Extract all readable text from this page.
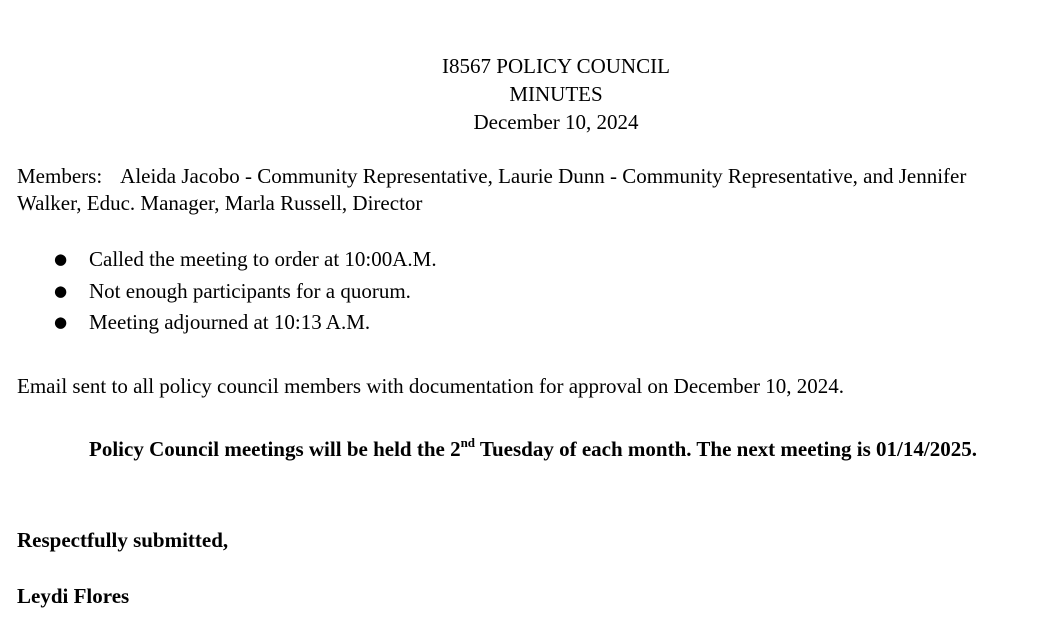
I8567 POLICY COUNCIL
MINUTES
December 10, 2024
Members: Aleida Jacobo - Community Representative, Laurie Dunn - Community Representative, and Jennifer Walker, Educ. Manager, Marla Russell, Director
● Called the meeting to order at 10:00A.M.
● Not enough participants for a quorum.
● Meeting adjourned at 10:13 A.M.
Email sent to all policy council members with documentation for approval on December 10, 2024.
Policy Council meetings will be held the 2nd Tuesday of each month. The next meeting is 01/14/2025.
Respectfully submitted,
Leydi Flores
